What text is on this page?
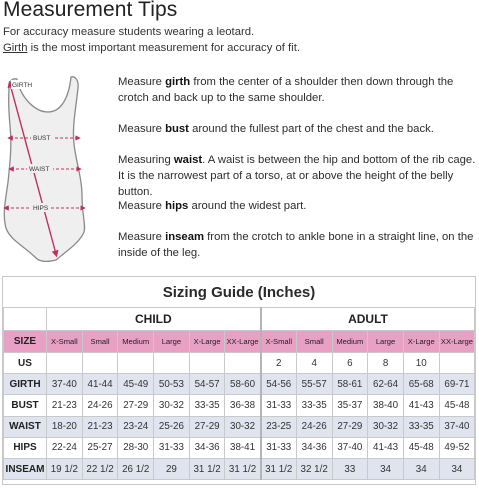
Measurement Tips
For accuracy measure students wearing a leotard.
Girth is the most important measurement for accuracy of fit.
GIRTH
BUST
WAIST
HIPS
Measure girth from the center of a shoulder then down through the crotch and back up to the same shoulder.
Measure bust around the fullest part of the chest and the back.
Measuring waist. A waist is between the hip and bottom of the rib cage. It is the narrowest part of a torso, at or above the height of the belly button.
Measure hips around the widest part.
Measure inseam from the crotch to ankle bone in a straight line, on the inside of the leg.
Sizing Guide (Inches)
	CHILD						ADULT					
SIZE	X-Small	Small	Medium	Large	X-Large	XX-Large	X-Small	Small	Medium	Large	X-Large	XX-Large
US							2	4	6	8	10	
GIRTH	37-40	41-44	45-49	50-53	54-57	58-60	54-56	55-57	58-61	62-64	65-68	69-71
BUST	21-23	24-26	27-29	30-32	33-35	36-38	31-33	33-35	35-37	38-40	41-43	45-48
WAIST	18-20	21-23	23-24	25-26	27-29	30-32	23-25	24-26	27-29	30-32	33-35	37-40
HIPS	22-24	25-27	28-30	31-33	34-36	38-41	31-33	34-36	37-40	41-43	45-48	49-52
INSEAM	19 1/2	22 1/2	26 1/2	29	31 1/2	31 1/2	31 1/2	32 1/2	33	34	34	34
